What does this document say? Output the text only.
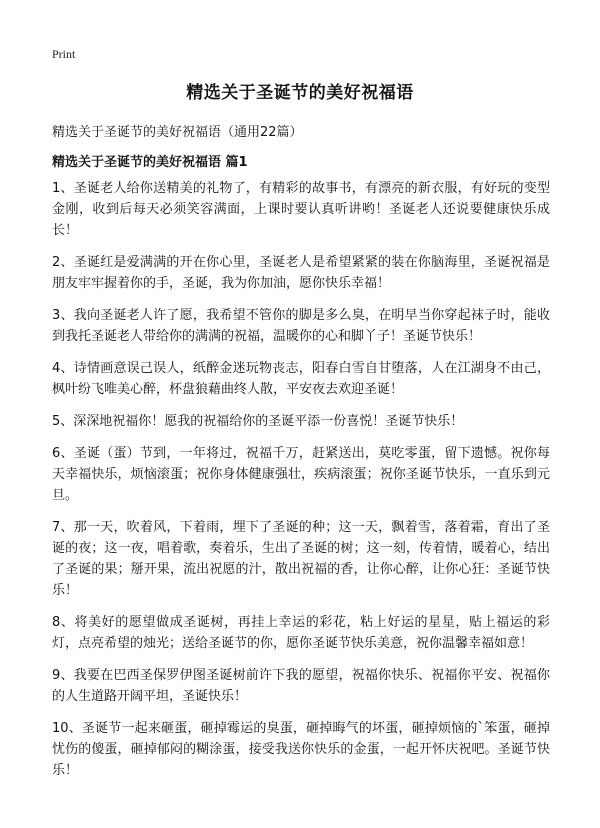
Print
精选关于圣诞节的美好祝福语

精选关于圣诞节的美好祝福语（通用22篇）

精选关于圣诞节的美好祝福语 篇1

1、圣诞老人给你送精美的礼物了，有精彩的故事书，有漂亮的新衣服，有好玩的变型金刚，收到后每天必须笑容满面，上课时要认真听讲哟！圣诞老人还说要健康快乐成长！

2、圣诞红是爱满满的开在你心里，圣诞老人是希望紧紧的装在你脑海里，圣诞祝福是朋友牢牢握着你的手，圣诞，我为你加油，愿你快乐幸福！

3、我向圣诞老人许了愿，我希望不管你的脚是多么臭，在明早当你穿起袜子时，能收到我托圣诞老人带给你的满满的祝福，温暖你的心和脚丫子！圣诞节快乐！

4、诗情画意误己误人，纸醉金迷玩物丧志，阳春白雪自甘堕落，人在江湖身不由己，枫叶纷飞唯美心醉，杯盘狼藉曲终人散，平安夜去欢迎圣诞！

5、深深地祝福你！愿我的祝福给你的圣诞平添一份喜悦！圣诞节快乐！

6、圣诞（蛋）节到，一年将过，祝福千万，赶紧送出，莫吃零蛋，留下遗憾。祝你每天幸福快乐，烦恼滚蛋；祝你身体健康强壮，疾病滚蛋；祝你圣诞节快乐，一直乐到元旦。

7、那一天，吹着风，下着雨，埋下了圣诞的种；这一天，飘着雪，落着霜，育出了圣诞的夜；这一夜，唱着歌，奏着乐，生出了圣诞的树；这一刻，传着情，暖着心，结出了圣诞的果；掰开果，流出祝愿的汁，散出祝福的香，让你心醉，让你心狂：圣诞节快乐！

8、将美好的愿望做成圣诞树，再挂上幸运的彩花，粘上好运的星星，贴上福运的彩灯，点亮希望的烛光；送给圣诞节的你，愿你圣诞节快乐美意，祝你温馨幸福如意！

9、我要在巴西圣保罗伊图圣诞树前许下我的愿望，祝福你快乐、祝福你平安、祝福你的人生道路开阔平坦，圣诞快乐！

10、圣诞节一起来砸蛋，砸掉霉运的臭蛋，砸掉晦气的坏蛋，砸掉烦恼的`笨蛋，砸掉忧伤的傻蛋，砸掉郁闷的糊涂蛋，接受我送你快乐的金蛋，一起开怀庆祝吧。圣诞节快乐！
